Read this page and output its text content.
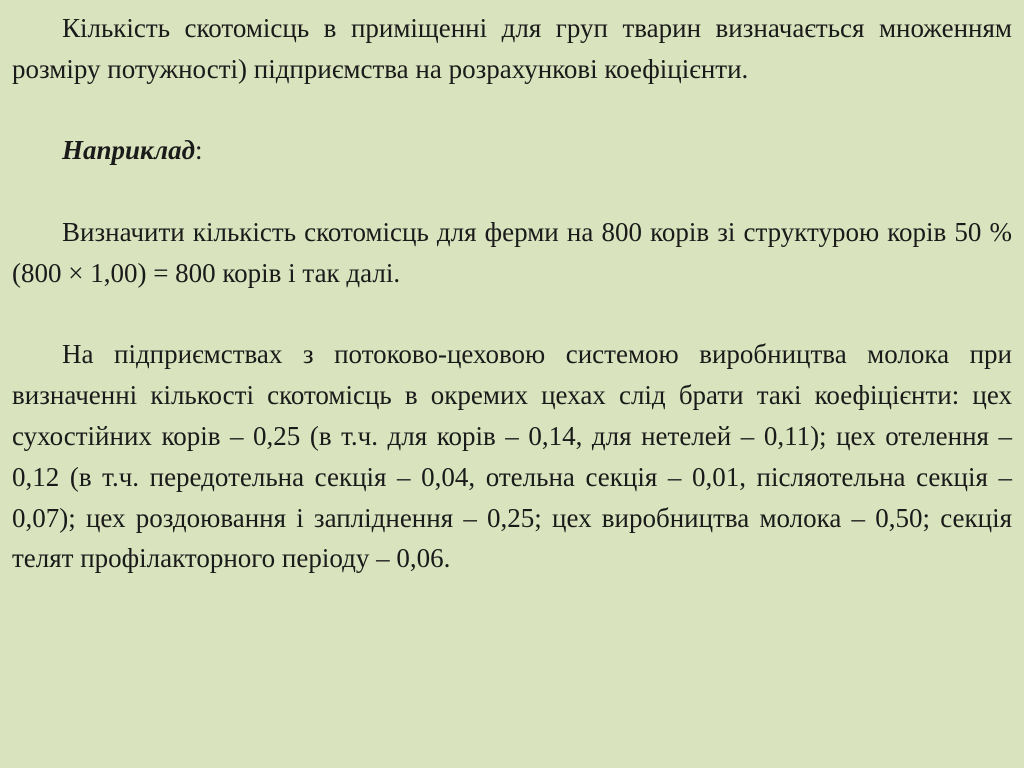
Кількість скотомісць в приміщенні для груп тварин визначається множенням розміру потужності) підприємства на розрахункові коефіцієнти.

Наприклад:

Визначити кількість скотомісць для ферми на 800 корів зі структурою корів 50 % (800 × 1,00) = 800 корів і так далі.

На підприємствах з потоково-цеховою системою виробництва молока при визначенні кількості скотомісць в окремих цехах слід брати такі коефіцієнти: цех сухостійних корів – 0,25 (в т.ч. для корів – 0,14, для нетелей – 0,11); цех отелення – 0,12 (в т.ч. передотельна секція – 0,04, отельна секція – 0,01, післяотельна секція – 0,07); цех роздоювання і запліднення – 0,25; цех виробництва молока – 0,50; секція телят профілакторного періоду – 0,06.
